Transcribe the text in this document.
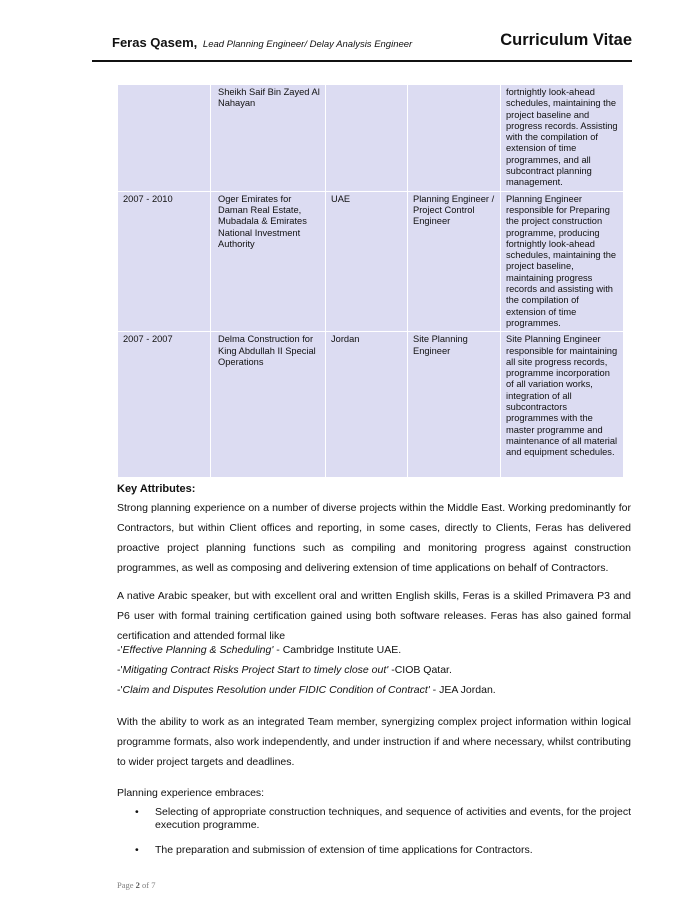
Feras Qasem, Lead Planning Engineer/ Delay Analysis Engineer	Curriculum Vitae
	Sheikh Saif Bin Zayed Al Nahayan			fortnightly look-ahead schedules, maintaining the project baseline and progress records. Assisting with the compilation of extension of time programmes, and all subcontract planning management.
2007 - 2010	Oger Emirates for Daman Real Estate, Mubadala & Emirates National Investment Authority	UAE	Planning Engineer / Project Control Engineer	Planning Engineer responsible for Preparing the project construction programme, producing fortnightly look-ahead schedules, maintaining the project baseline, maintaining progress records and assisting with the compilation of extension of time programmes.
2007 - 2007	Delma Construction for King Abdullah II Special Operations	Jordan	Site Planning Engineer	Site Planning Engineer responsible for maintaining all site progress records, programme incorporation of all variation works, integration of all subcontractors programmes with the master programme and maintenance of all material and equipment schedules.
Key Attributes:
Strong planning experience on a number of diverse projects within the Middle East. Working predominantly for Contractors, but within Client offices and reporting, in some cases, directly to Clients, Feras has delivered proactive project planning functions such as compiling and monitoring progress against construction programmes, as well as composing and delivering extension of time applications on behalf of Contractors.
A native Arabic speaker, but with excellent oral and written English skills, Feras is a skilled Primavera P3 and P6 user with formal training certification gained using both software releases. Feras has also gained formal certification and attended formal like
-'Effective Planning & Scheduling' - Cambridge Institute UAE.
-'Mitigating Contract Risks Project Start to timely close out' -CIOB Qatar.
-'Claim and Disputes Resolution under FIDIC Condition of Contract' - JEA Jordan.
With the ability to work as an integrated Team member, synergizing complex project information within logical programme formats, also work independently, and under instruction if and where necessary, whilst contributing to wider project targets and deadlines.
Planning experience embraces:
• Selecting of appropriate construction techniques, and sequence of activities and events, for the project execution programme.
• The preparation and submission of extension of time applications for Contractors.
Page 2 of 7
